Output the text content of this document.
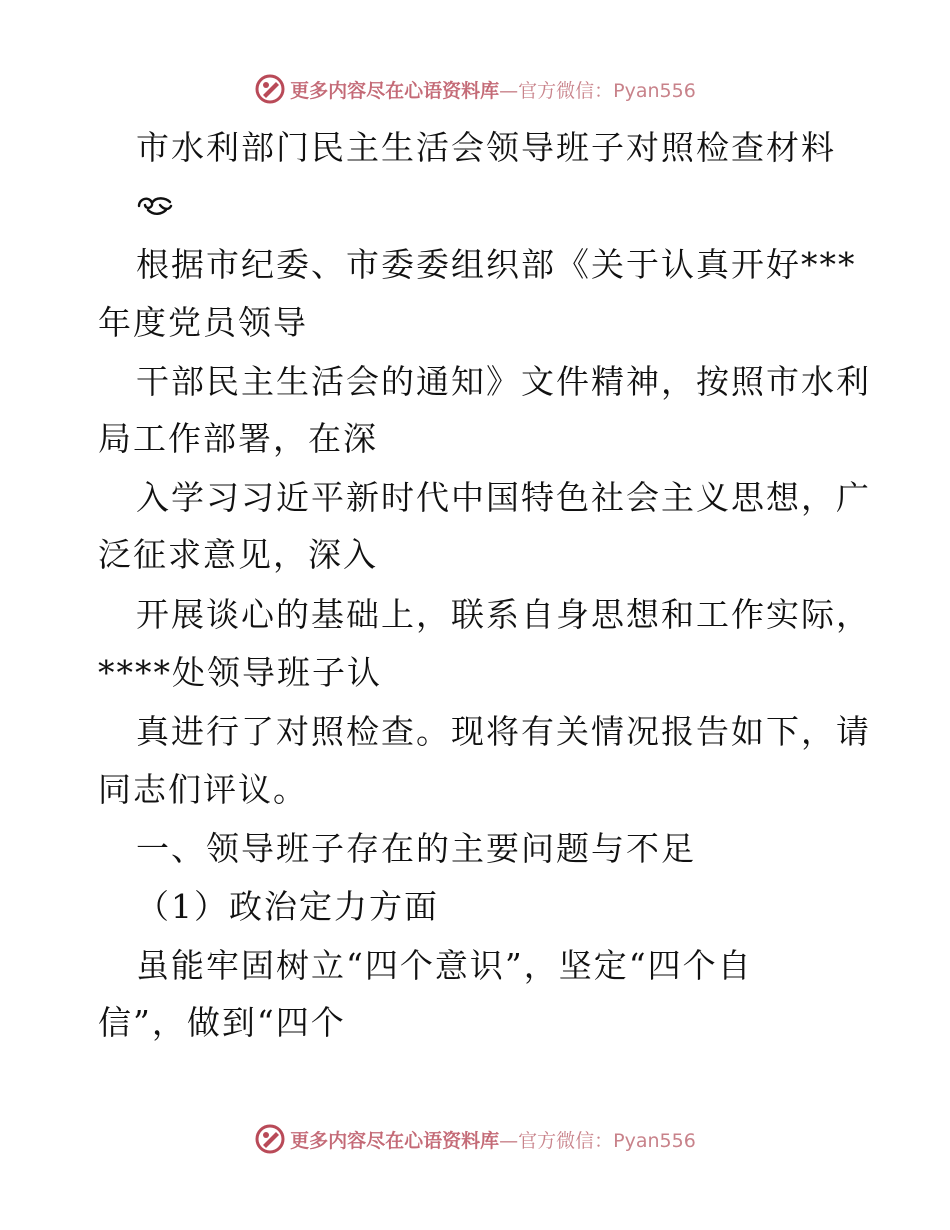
更多内容尽在心语资料库—官方微信：Pyan556
市水利部门民主生活会领导班子对照检查材料
根据市纪委、市委委组织部《关于认真开好***
年度党员领导
干部民主生活会的通知》文件精神，按照市水利
局工作部署，在深
入学习习近平新时代中国特色社会主义思想，广
泛征求意见，深入
开展谈心的基础上，联系自身思想和工作实际，
****处领导班子认
真进行了对照检查。现将有关情况报告如下，请
同志们评议。
一、领导班子存在的主要问题与不足
（1）政治定力方面
虽能牢固树立“四个意识”，坚定“四个自
信”，做到“四个
更多内容尽在心语资料库—官方微信：Pyan556
